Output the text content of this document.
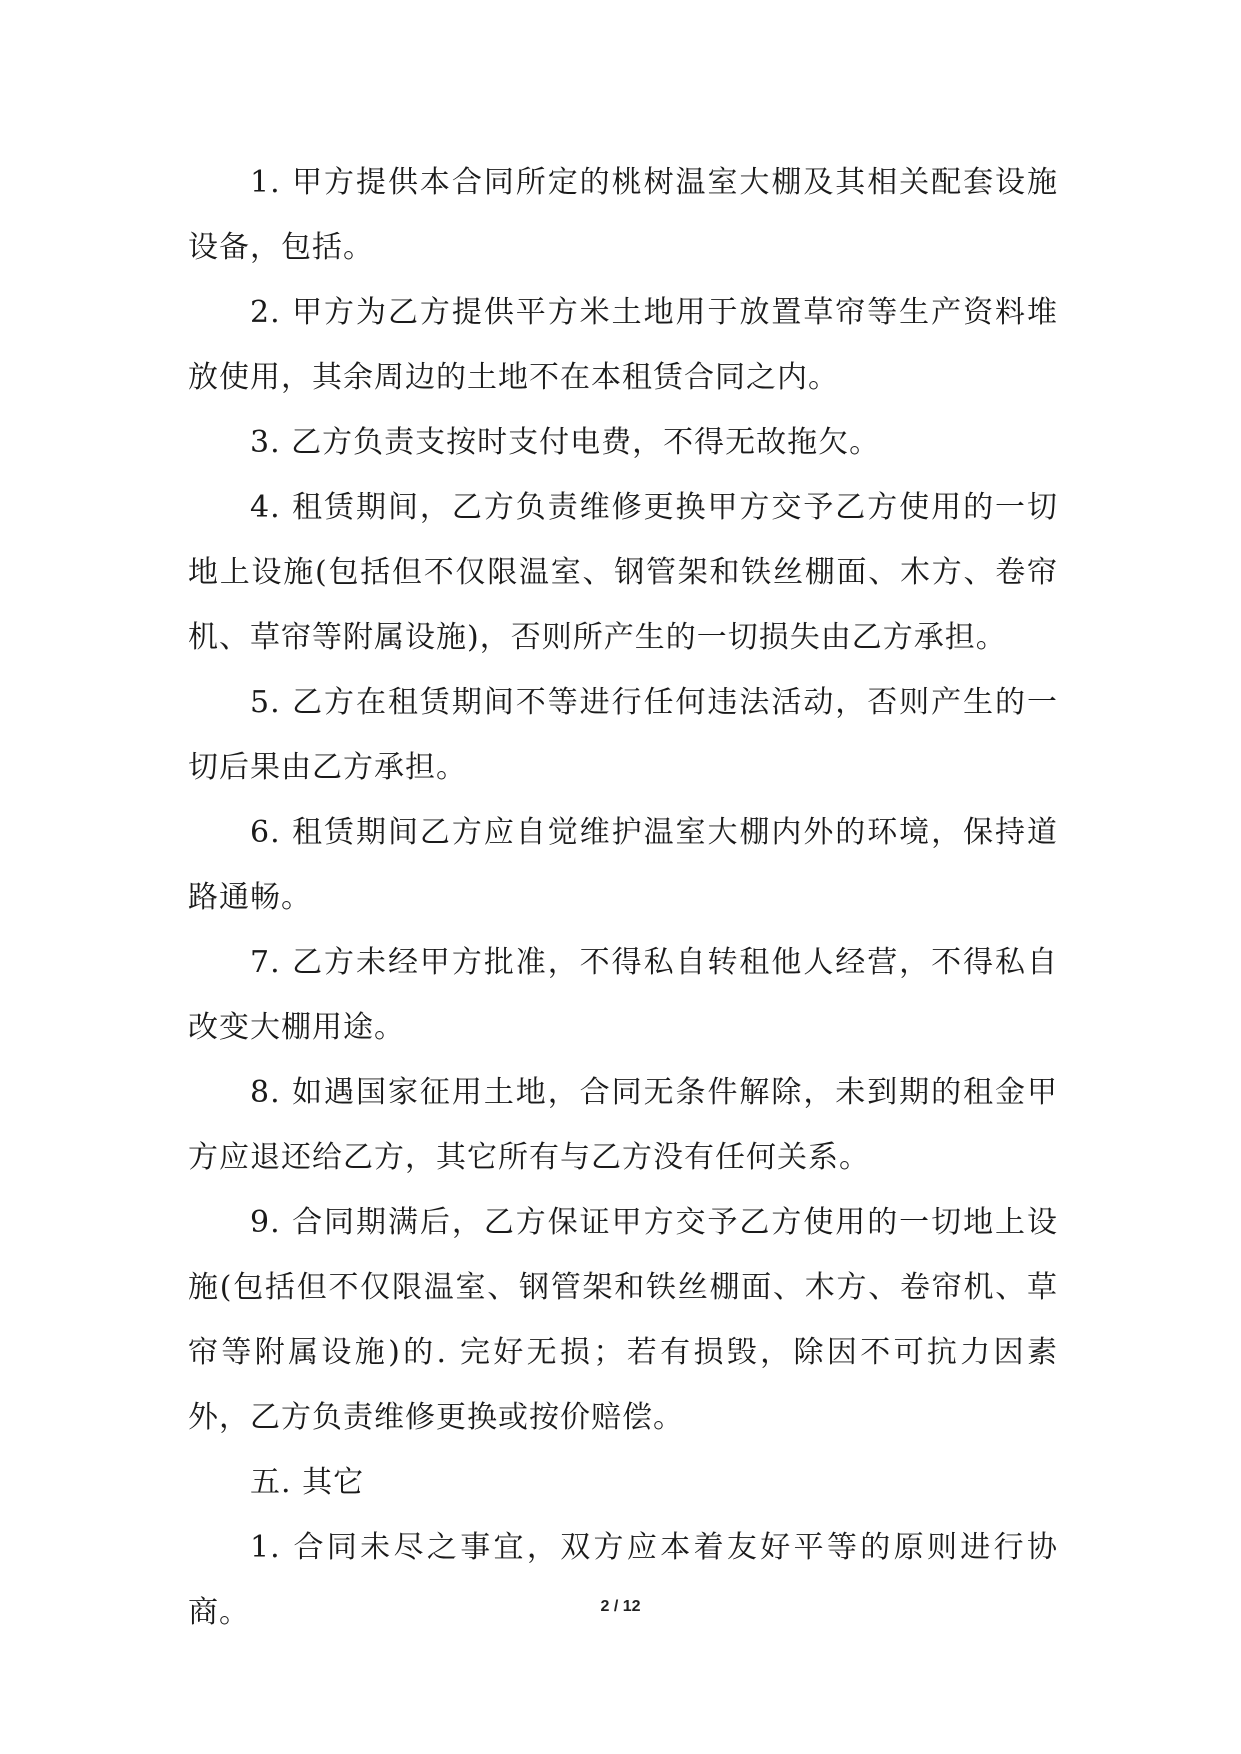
1. 甲方提供本合同所定的桃树温室大棚及其相关配套设施设备，包括。

2. 甲方为乙方提供平方米土地用于放置草帘等生产资料堆放使用，其余周边的土地不在本租赁合同之内。

3. 乙方负责支按时支付电费，不得无故拖欠。

4. 租赁期间，乙方负责维修更换甲方交予乙方使用的一切地上设施(包括但不仅限温室、钢管架和铁丝棚面、木方、卷帘机、草帘等附属设施)，否则所产生的一切损失由乙方承担。

5. 乙方在租赁期间不等进行任何违法活动，否则产生的一切后果由乙方承担。

6. 租赁期间乙方应自觉维护温室大棚内外的环境，保持道路通畅。

7. 乙方未经甲方批准，不得私自转租他人经营，不得私自改变大棚用途。

8. 如遇国家征用土地，合同无条件解除，未到期的租金甲方应退还给乙方，其它所有与乙方没有任何关系。

9. 合同期满后，乙方保证甲方交予乙方使用的一切地上设施(包括但不仅限温室、钢管架和铁丝棚面、木方、卷帘机、草帘等附属设施)的. 完好无损；若有损毁，除因不可抗力因素外，乙方负责维修更换或按价赔偿。

五. 其它

1. 合同未尽之事宜，双方应本着友好平等的原则进行协商。	2 / 12
